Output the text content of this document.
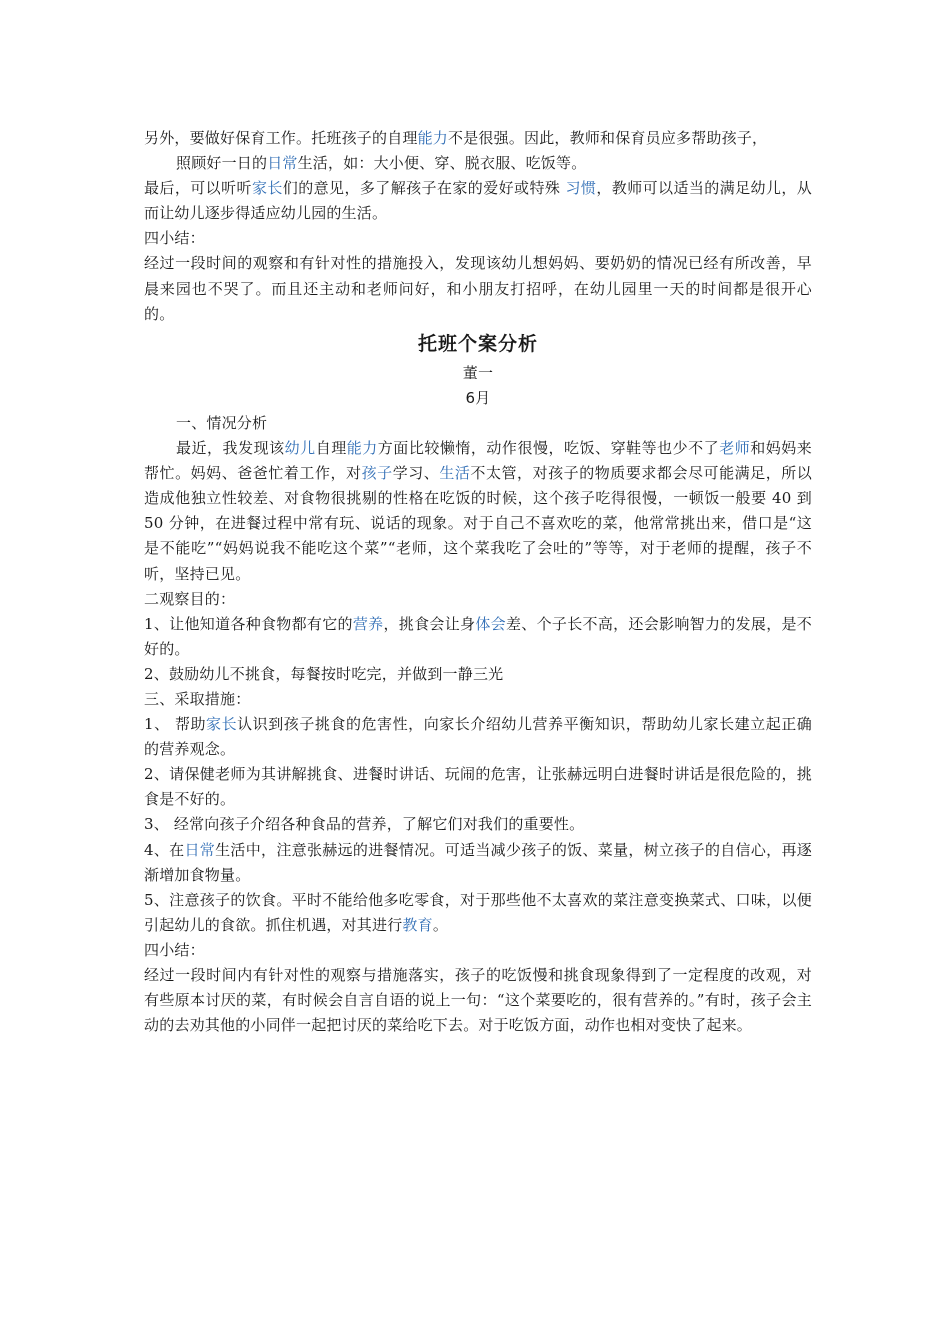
另外，要做好保育工作。托班孩子的自理能力不是很强。因此，教师和保育员应多帮助孩子，

照顾好一日的日常生活，如：大小便、穿、脱衣服、吃饭等。

最后，可以听听家长们的意见，多了解孩子在家的爱好或特殊 习惯，教师可以适当的满足幼儿，从而让幼儿逐步得适应幼儿园的生活。

四小结：

经过一段时间的观察和有针对性的措施投入，发现该幼儿想妈妈、要奶奶的情况已经有所改善，早晨来园也不哭了。而且还主动和老师问好，和小朋友打招呼，在幼儿园里一天的时间都是很开心的。

托班个案分析

董一

6月

一、情况分析

最近，我发现该幼儿自理能力方面比较懒惰，动作很慢，吃饭、穿鞋等也少不了老师和妈妈来帮忙。妈妈、爸爸忙着工作，对孩子学习、生活不太管，对孩子的物质要求都会尽可能满足，所以造成他独立性较差、对食物很挑剔的性格在吃饭的时候，这个孩子吃得很慢，一顿饭一般要 40 到 50 分钟，在进餐过程中常有玩、说话的现象。对于自己不喜欢吃的菜，他常常挑出来，借口是“这是不能吃”“妈妈说我不能吃这个菜”“老师，这个菜我吃了会吐的”等等，对于老师的提醒，孩子不听，坚持已见。

二观察目的：

1、让他知道各种食物都有它的营养，挑食会让身体会差、个子长不高，还会影响智力的发展，是不好的。

2、鼓励幼儿不挑食，每餐按时吃完，并做到一静三光

三、采取措施：

1、 帮助家长认识到孩子挑食的危害性，向家长介绍幼儿营养平衡知识，帮助幼儿家长建立起正确的营养观念。

2、请保健老师为其讲解挑食、进餐时讲话、玩闹的危害，让张赫远明白进餐时讲话是很危险的，挑食是不好的。

3、 经常向孩子介绍各种食品的营养，了解它们对我们的重要性。

4、在日常生活中，注意张赫远的进餐情况。可适当减少孩子的饭、菜量，树立孩子的自信心，再逐渐增加食物量。

5、注意孩子的饮食。平时不能给他多吃零食，对于那些他不太喜欢的菜注意变换菜式、口味，以便引起幼儿的食欲。抓住机遇，对其进行教育。

四小结：

经过一段时间内有针对性的观察与措施落实，孩子的吃饭慢和挑食现象得到了一定程度的改观，对有些原本讨厌的菜，有时候会自言自语的说上一句：“这个菜要吃的，很有营养的。”有时，孩子会主动的去劝其他的小同伴一起把讨厌的菜给吃下去。对于吃饭方面，动作也相对变快了起来。
